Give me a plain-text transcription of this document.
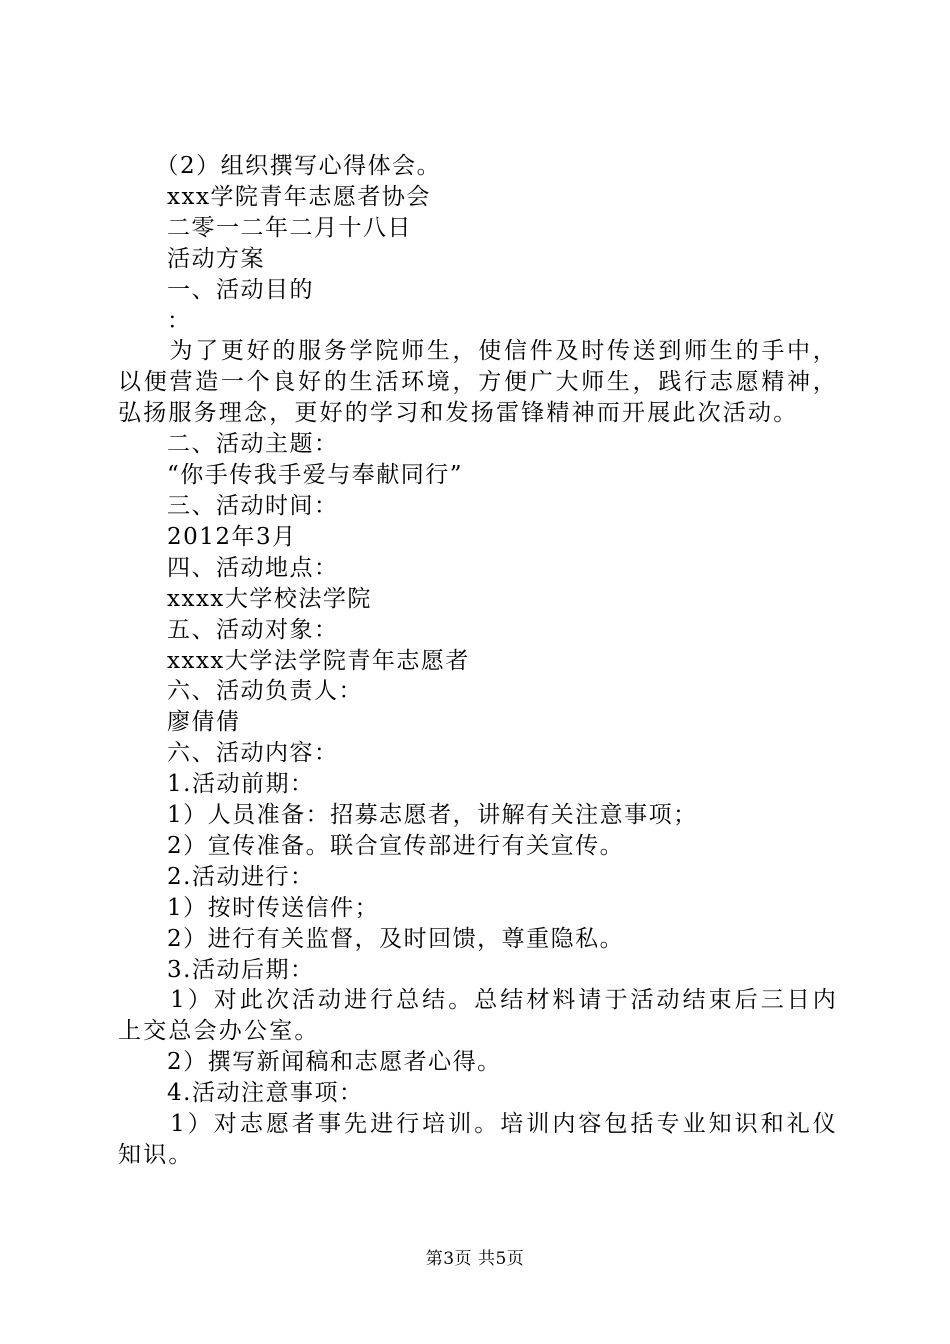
　　（2）组织撰写心得体会。
　　xxx学院青年志愿者协会
　　二零一二年二月十八日
　　活动方案
　　一、活动目的
　　：
　　为了更好的服务学院师生，使信件及时传送到师生的手中，以便营造一个良好的生活环境，方便广大师生，践行志愿精神，弘扬服务理念，更好的学习和发扬雷锋精神而开展此次活动。
　　二、活动主题：
　　“你手传我手爱与奉献同行”
　　三、活动时间：
　　2012年3月
　　四、活动地点：
　　xxxx大学校法学院
　　五、活动对象：
　　xxxx大学法学院青年志愿者
　　六、活动负责人：
　　廖倩倩
　　六、活动内容：
　　1.活动前期：
　　1）人员准备：招募志愿者，讲解有关注意事项；
　　2）宣传准备。联合宣传部进行有关宣传。
　　2.活动进行：
　　1）按时传送信件；
　　2）进行有关监督，及时回馈，尊重隐私。
　　3.活动后期：
　　1）对此次活动进行总结。总结材料请于活动结束后三日内上交总会办公室。
　　2）撰写新闻稿和志愿者心得。
　　4.活动注意事项：
　　1）对志愿者事先进行培训。培训内容包括专业知识和礼仪知识。
第3页 共5页
